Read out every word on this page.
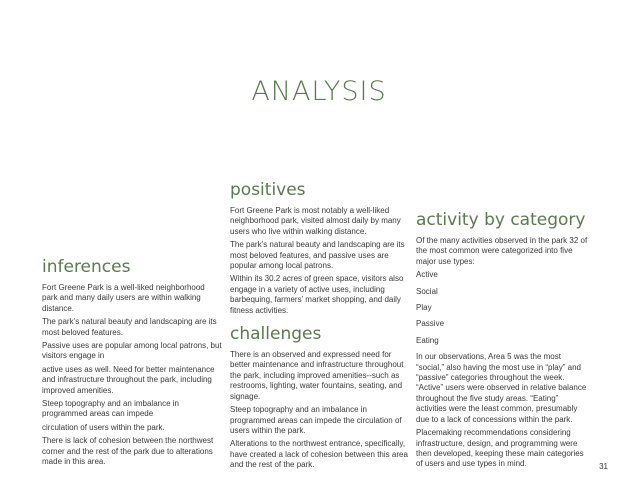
ANALYSIS
inferences

Fort Greene Park is a well-liked neighborhood park and many daily users are within walking distance.

The park’s natural beauty and landscaping are its most beloved features.

Passive uses are popular among local patrons, but visitors engage in

active uses as well. Need for better maintenance and infrastructure throughout the park, including improved amenities.

Steep topography and an imbalance in programmed areas can impede

circulation of users within the park.

There is lack of cohesion between the northwest corner and the rest of the park due to alterations made in this area.

positives

Fort Greene Park is most notably a well-liked neighborhood park, visited almost daily by many users who live within walking distance.

The park’s natural beauty and landscaping are its most beloved features, and passive uses are popular among local patrons.

Within its 30.2 acres of green space, visitors also engage in a variety of active uses, including barbequing, farmers’ market shopping, and daily fitness activities.

challenges

There is an observed and expressed need for better maintenance and infrastructure throughout the park, including improved amenities--such as restrooms, lighting, water fountains, seating, and signage.

Steep topography and an imbalance in programmed areas can impede the circulation of users within the park.

Alterations to the northwest entrance, specifically, have created a lack of cohesion between this area and the rest of the park.

activity by category

Of the many activities observed in the park 32 of the most common were categorized into five major use types:

Active
Social
Play
Passive
Eating

In our observations, Area 5 was the most “social,” also having the most use in “play” and “passive” categories throughout the week. “Active” users were observed in relative balance throughout the five study areas. “Eating” activities were the least common, presumably due to a lack of concessions within the park.

Placemaking recommendations considering infrastructure, design, and programming were then developed, keeping these main categories of users and use types in mind.	31
